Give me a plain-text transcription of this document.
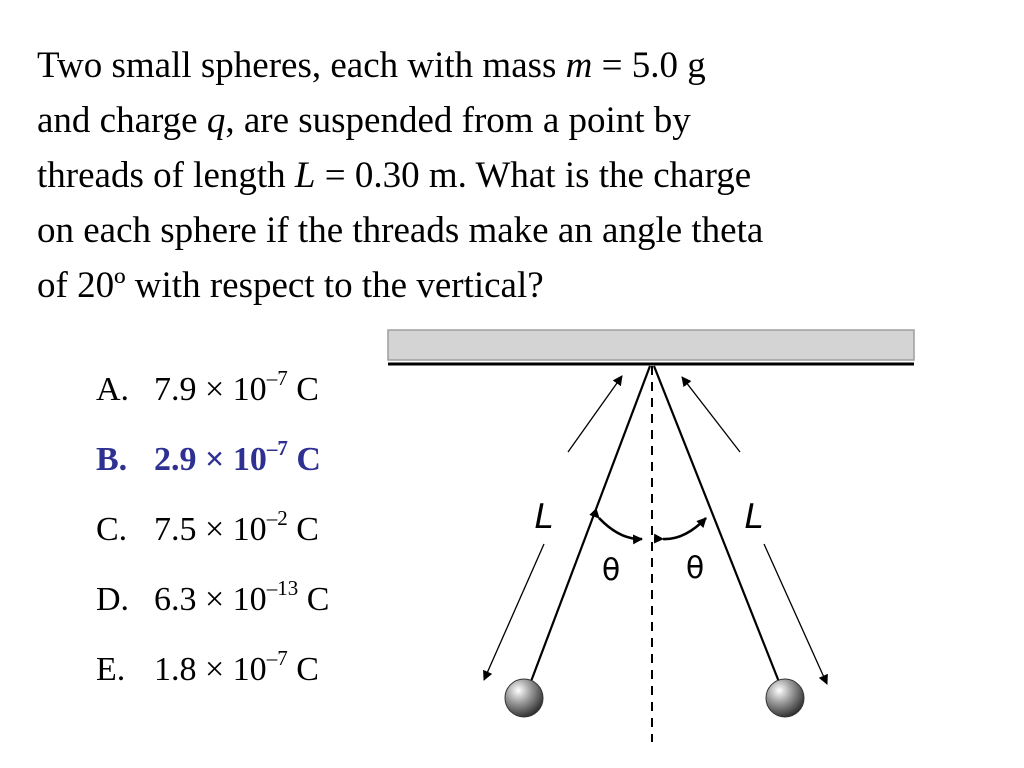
Two small spheres, each with mass m = 5.0 g
and charge q, are suspended from a point by
threads of length L = 0.30 m. What is the charge
on each sphere if the threads make an angle theta
of 20º with respect to the vertical?

A. $7.9 \times 10^{-7}$ C
B. $2.9 \times 10^{-7}$ C
C. $7.5 \times 10^{-2}$ C
D. $6.3 \times 10^{-13}$ C
E. $1.8 \times 10^{-7}$ C
L	L
θ θ
